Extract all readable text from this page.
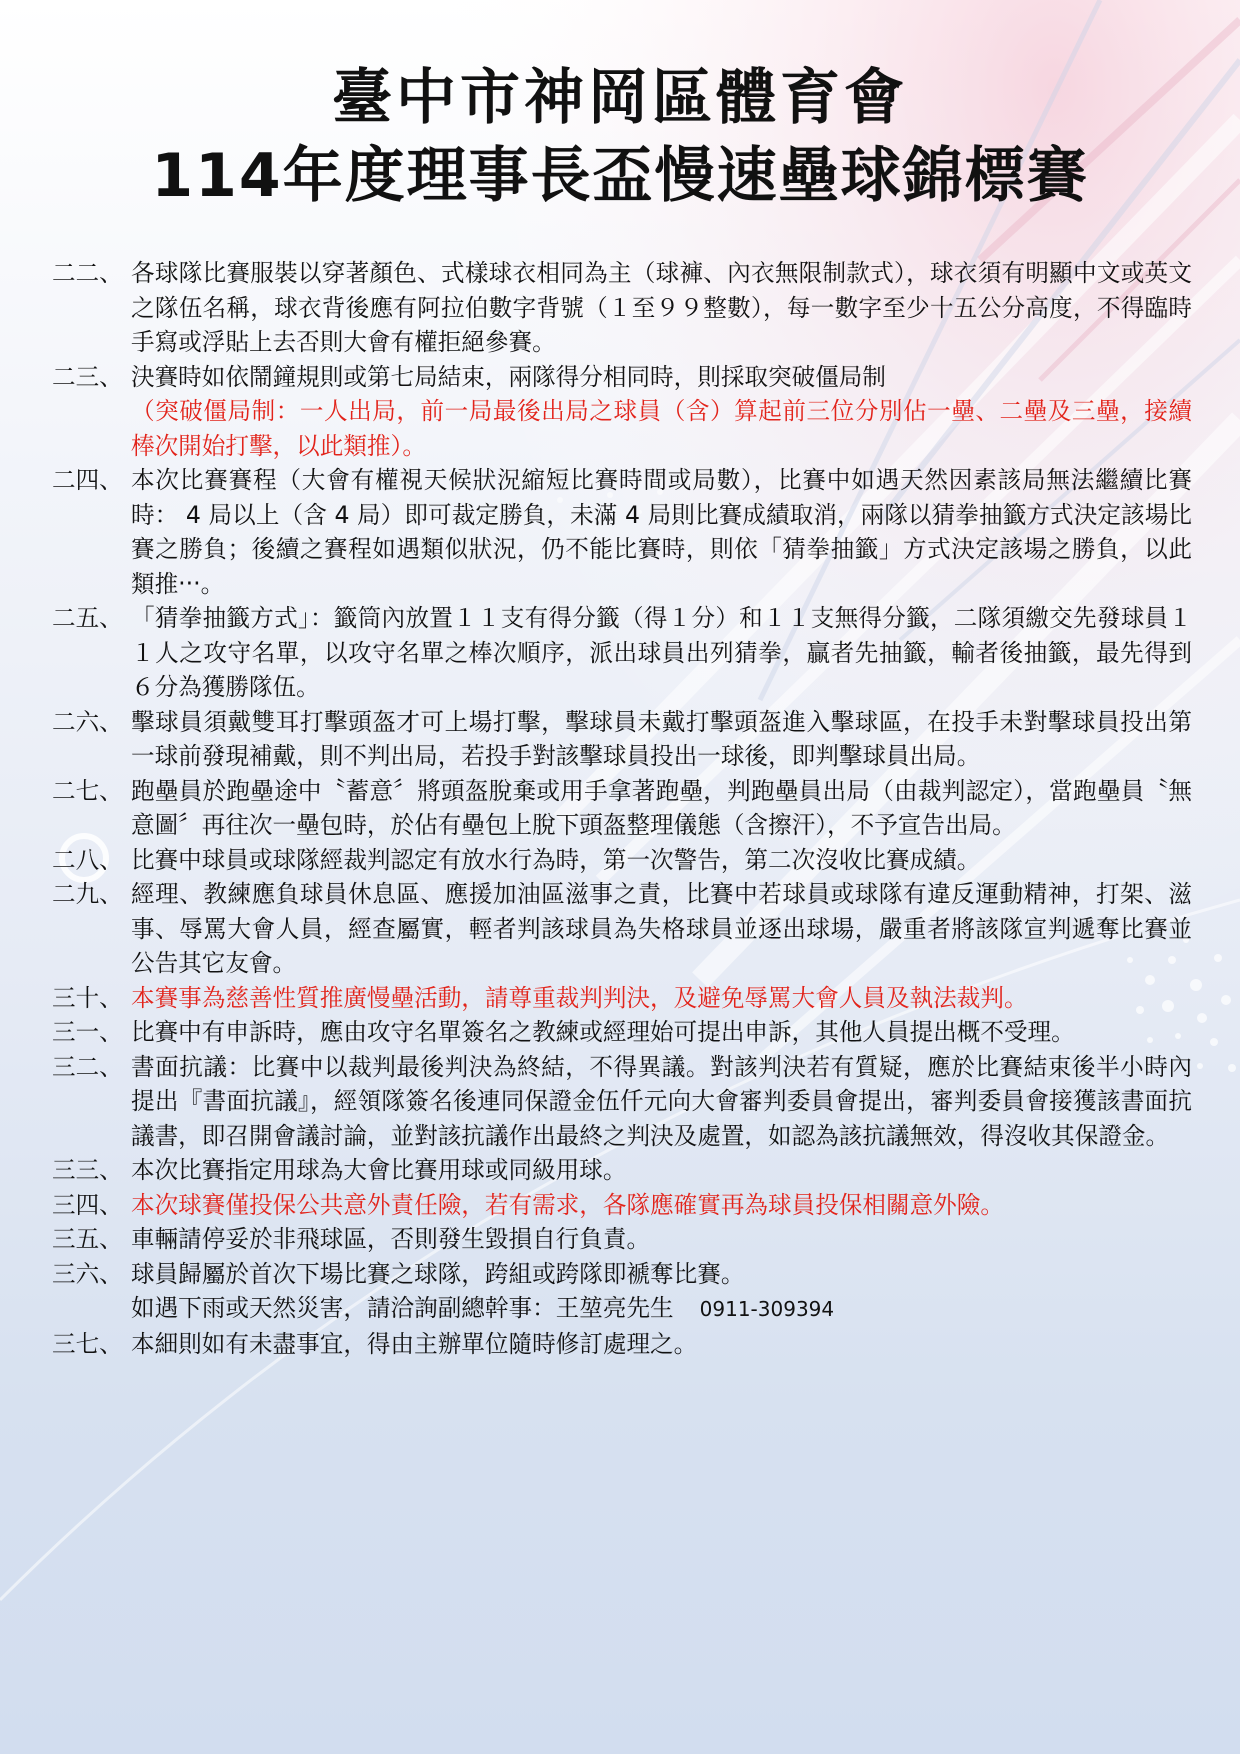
臺中市神岡區體育會
114年度理事長盃慢速壘球錦標賽
二二、 各球隊比賽服裝以穿著顏色、式樣球衣相同為主（球褲、內衣無限制款式），球衣須有明顯中文或英文之隊伍名稱，球衣背後應有阿拉伯數字背號（１至９９整數），每一數字至少十五公分高度，不得臨時手寫或浮貼上去否則大會有權拒絕參賽。
二三、 決賽時如依鬧鐘規則或第七局結束，兩隊得分相同時，則採取突破僵局制
（突破僵局制：一人出局，前一局最後出局之球員（含）算起前三位分別佔一壘、二壘及三壘，接續棒次開始打擊，以此類推）。
二四、 本次比賽賽程（大會有權視天候狀況縮短比賽時間或局數），比賽中如遇天然因素該局無法繼續比賽時： 4 局以上（含 4 局）即可裁定勝負，未滿 4 局則比賽成績取消，兩隊以猜拳抽籤方式決定該場比賽之勝負；後續之賽程如遇類似狀況，仍不能比賽時，則依「猜拳抽籤」方式決定該場之勝負，以此類推‧‧‧。
二五、 「猜拳抽籤方式」：籤筒內放置１１支有得分籤（得１分）和１１支無得分籤，二隊須繳交先發球員１１人之攻守名單，以攻守名單之棒次順序，派出球員出列猜拳，贏者先抽籤，輸者後抽籤，最先得到６分為獲勝隊伍。
二六、 擊球員須戴雙耳打擊頭盔才可上場打擊，擊球員未戴打擊頭盔進入擊球區，在投手未對擊球員投出第一球前發現補戴，則不判出局，若投手對該擊球員投出一球後，即判擊球員出局。
二七、 跑壘員於跑壘途中〝蓄意〞將頭盔脫棄或用手拿著跑壘，判跑壘員出局（由裁判認定），當跑壘員〝無意圖〞再往次一壘包時，於佔有壘包上脫下頭盔整理儀態（含擦汗），不予宣告出局。
二八、 比賽中球員或球隊經裁判認定有放水行為時，第一次警告，第二次沒收比賽成績。
二九、 經理、教練應負球員休息區、應援加油區滋事之責，比賽中若球員或球隊有違反運動精神，打架、滋事、辱罵大會人員，經查屬實，輕者判該球員為失格球員並逐出球場，嚴重者將該隊宣判遞奪比賽並公告其它友會。
三十、 本賽事為慈善性質推廣慢壘活動，請尊重裁判判決，及避免辱罵大會人員及執法裁判。
三一、 比賽中有申訴時，應由攻守名單簽名之教練或經理始可提出申訴，其他人員提出概不受理。
三二、 書面抗議：比賽中以裁判最後判決為終結，不得異議。對該判決若有質疑，應於比賽結束後半小時內提出『書面抗議』，經領隊簽名後連同保證金伍仟元向大會審判委員會提出，審判委員會接獲該書面抗議書，即召開會議討論，並對該抗議作出最終之判決及處置，如認為該抗議無效，得沒收其保證金。
三三、 本次比賽指定用球為大會比賽用球或同級用球。
三四、 本次球賽僅投保公共意外責任險，若有需求，各隊應確實再為球員投保相關意外險。
三五、 車輛請停妥於非飛球區，否則發生毀損自行負責。
三六、 球員歸屬於首次下場比賽之球隊，跨組或跨隊即褫奪比賽。
如遇下雨或天然災害，請洽詢副總幹事：王堃亮先生 0911-309394
三七、 本細則如有未盡事宜，得由主辦單位隨時修訂處理之。
